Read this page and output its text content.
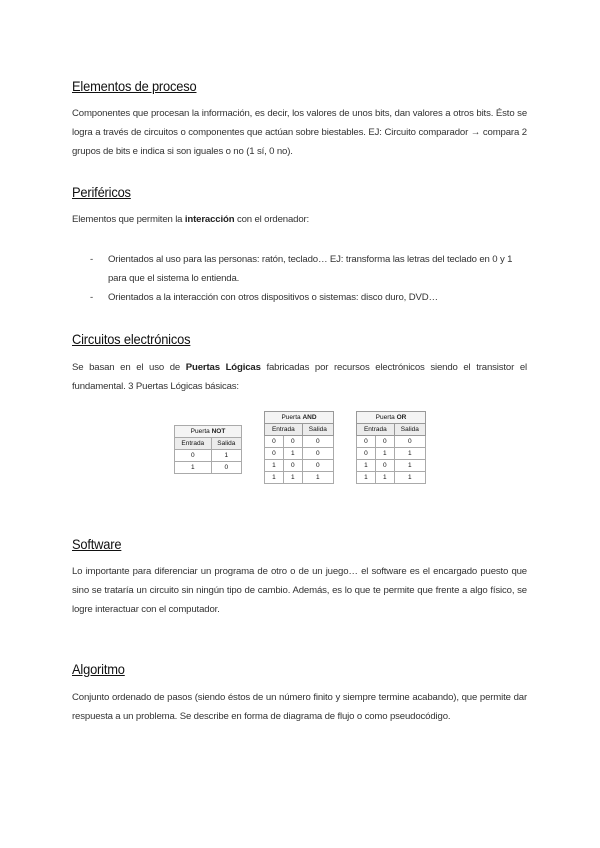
Elementos de proceso

Componentes que procesan la información, es decir, los valores de unos bits, dan valores a otros bits. Ésto se logra a través de circuitos o componentes que actúan sobre biestables. EJ: Circuito comparador → compara 2 grupos de bits e indica si son iguales o no (1 sí, 0 no).

Periféricos

Elementos que permiten la interacción con el ordenador:

- Orientados al uso para las personas: ratón, teclado… EJ: transforma las letras del teclado en 0 y 1 para que el sistema lo entienda.
- Orientados a la interacción con otros dispositivos o sistemas: disco duro, DVD…
Circuitos electrónicos

Se basan en el uso de Puertas Lógicas fabricadas por recursos electrónicos siendo el transistor el fundamental. 3 Puertas Lógicas básicas:

Puerta NOT	
Entrada	Salida
0	1
1	0
Puerta AND		
Entrada		Salida
0	0	0
0	1	0
1	0	0
1	1	1
Puerta OR		
Entrada		Salida
0	0	0
0	1	1
1	0	1
1	1	1
Software

Lo importante para diferenciar un programa de otro o de un juego… el software es el encargado puesto que sino se trataría un circuito sin ningún tipo de cambio. Además, es lo que te permite que frente a algo físico, se logre interactuar con el computador.

Algoritmo

Conjunto ordenado de pasos (siendo éstos de un número finito y siempre termine acabando), que permite dar respuesta a un problema. Se describe en forma de diagrama de flujo o como pseudocódigo.
